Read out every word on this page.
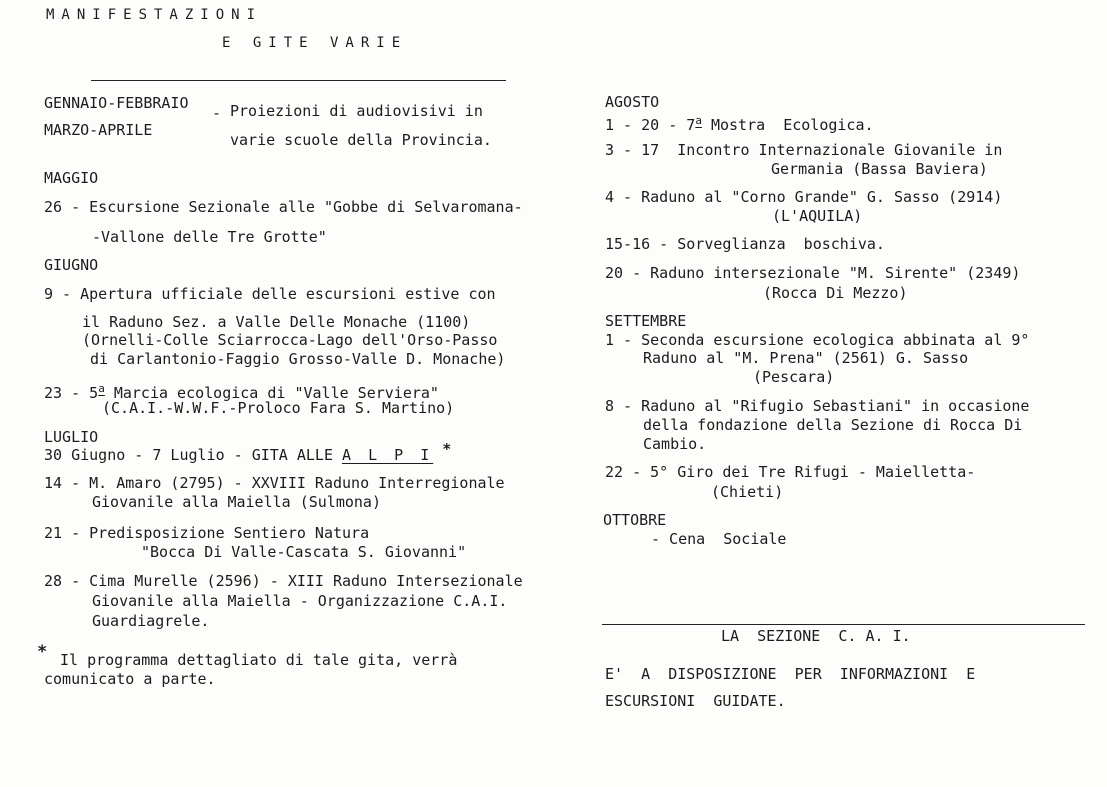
MANIFESTAZIONI
E GITE VARIE
GENNAIO-FEBBRAIO
MARZO-APRILE
- Proiezioni di audiovisivi in
varie scuole della Provincia.
MAGGIO
26 - Escursione Sezionale alle "Gobbe di Selvaromana-
-Vallone delle Tre Grotte"
GIUGNO
9 - Apertura ufficiale delle escursioni estive con
il Raduno Sez. a Valle Delle Monache (1100)
(Ornelli-Colle Sciarrocca-Lago dell'Orso-Passo
di Carlantonio-Faggio Grosso-Valle D. Monache)
23 - 5$^a$ Marcia ecologica di "Valle Serviera"
(C.A.I.-W.W.F.-Proloco Fara S. Martino)
LUGLIO
30 Giugno - 7 Luglio - GITA ALLE A L P I *
14 - M. Amaro (2795) - XXVIII Raduno Interregionale
Giovanile alla Maiella (Sulmona)
21 - Predisposizione Sentiero Natura
"Bocca Di Valle-Cascata S. Giovanni"
28 - Cima Murelle (2596) - XIII Raduno Intersezionale
Giovanile alla Maiella - Organizzazione C.A.I.
Guardiagrele.
* Il programma dettagliato di tale gita, verrà
comunicato a parte.
AGOSTO
1 - 20 - 7$^a$ Mostra  Ecologica.
3 - 17  Incontro Internazionale Giovanile in
Germania (Bassa Baviera)
4 - Raduno al "Corno Grande" G. Sasso (2914)
(L'AQUILA)
15-16 - Sorveglianza  boschiva.
20 - Raduno intersezionale "M. Sirente" (2349)
(Rocca Di Mezzo)
SETTEMBRE
1 - Seconda escursione ecologica abbinata al 9°
Raduno al "M. Prena" (2561) G. Sasso
(Pescara)
8 - Raduno al "Rifugio Sebastiani" in occasione
della fondazione della Sezione di Rocca Di
Cambio.
22 - 5° Giro dei Tre Rifugi - Maielletta-
(Chieti)
OTTOBRE
- Cena  Sociale
LA  SEZIONE  C. A. I.
E'  A  DISPOSIZIONE  PER  INFORMAZIONI  E
ESCURSIONI  GUIDATE.
